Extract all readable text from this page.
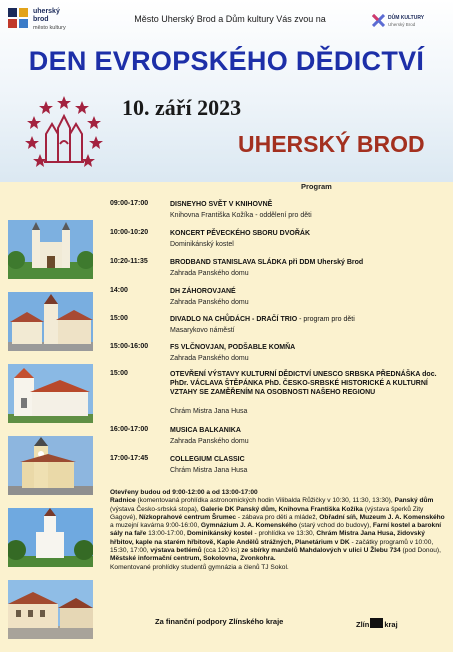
uherský
brod
město kultury
Město Uherský Brod a Dům kultury Vás zvou na	DŮM KULTURY
Uherský Brod
DEN EVROPSKÉHO DĚDICTVÍ
10. září 2023
UHERSKÝ BROD
Program
09:00-17:00	DISNEYHO SVĚT V KNIHOVNĚ
Knihovna Františka Kožíka - oddělení pro děti
10:00-10:20	KONCERT PĚVECKÉHO SBORU DVOŘÁK
Dominikánský kostel
10:20-11:35	BRODBAND STANISLAVA SLÁDKA při DDM Uherský Brod
Zahrada Panského domu
14:00	DH ZÁHOROVJANÉ
Zahrada Panského domu
15:00	DIVADLO NA CHŮDÁCH - DRAČÍ TRIO - program pro děti
Masarykovo náměstí
15:00-16:00	FS VLČNOVJAN, PODŠABLE KOMŇA
Zahrada Panského domu
15:00	OTEVŘENÍ VÝSTAVY KULTURNÍ DĚDICTVÍ UNESCO SRBSKA PŘEDNÁŠKA doc. PhDr. VÁCLAVA ŠTĚPÁNKA PhD. ČESKO-SRBSKÉ HISTORICKÉ A KULTURNÍ VZTAHY SE ZAMĚŘENÍM NA OSOBNOSTI NAŠEHO REGIONU
Chrám Mistra Jana Husa
16:00-17:00	MUSICA BALKANIKA
Zahrada Panského domu
17:00-17:45	COLLEGIUM CLASSIC
Chrám Mistra Jana Husa
Otevřeny budou od 9:00-12:00 a od 13:00-17:00
Radnice (komentovaná prohlídka astronomických hodin Vilibalda Růžičky v 10:30, 11:30, 13:30), Panský dům (výstava Česko-srbská stopa), Galerie DK Panský dům, Knihovna Františka Kožíka (výstava šperků Zity Gagové), Nízkoprahové centrum Šrumec - zábava pro děti a mládež, Obřadní síň, Muzeum J. A. Komenského a muzejní kavárna 9:00-16:00, Gymnázium J. A. Komenského (starý vchod do budovy), Farní kostel a barokní sály na faře 13:00-17:00, Dominikánský kostel - prohlídka ve 13:30, Chrám Mistra Jana Husa, židovský hřbitov, kaple na starém hřbitově, Kaple Andělů strážných, Planetárium v DK - začátky programů v 10:00, 15:30, 17:00, výstava betlémů (cca 120 ks) ze sbírky manželů Mahdalových v ulici U Žlebu 734 (pod Donou), Městské informační centrum, Sokolovna, Zvonkohra.
Komentované prohlídky studentů gymnázia a členů TJ Sokol.
Za finanční podpory Zlínského kraje	Zlín kraj
